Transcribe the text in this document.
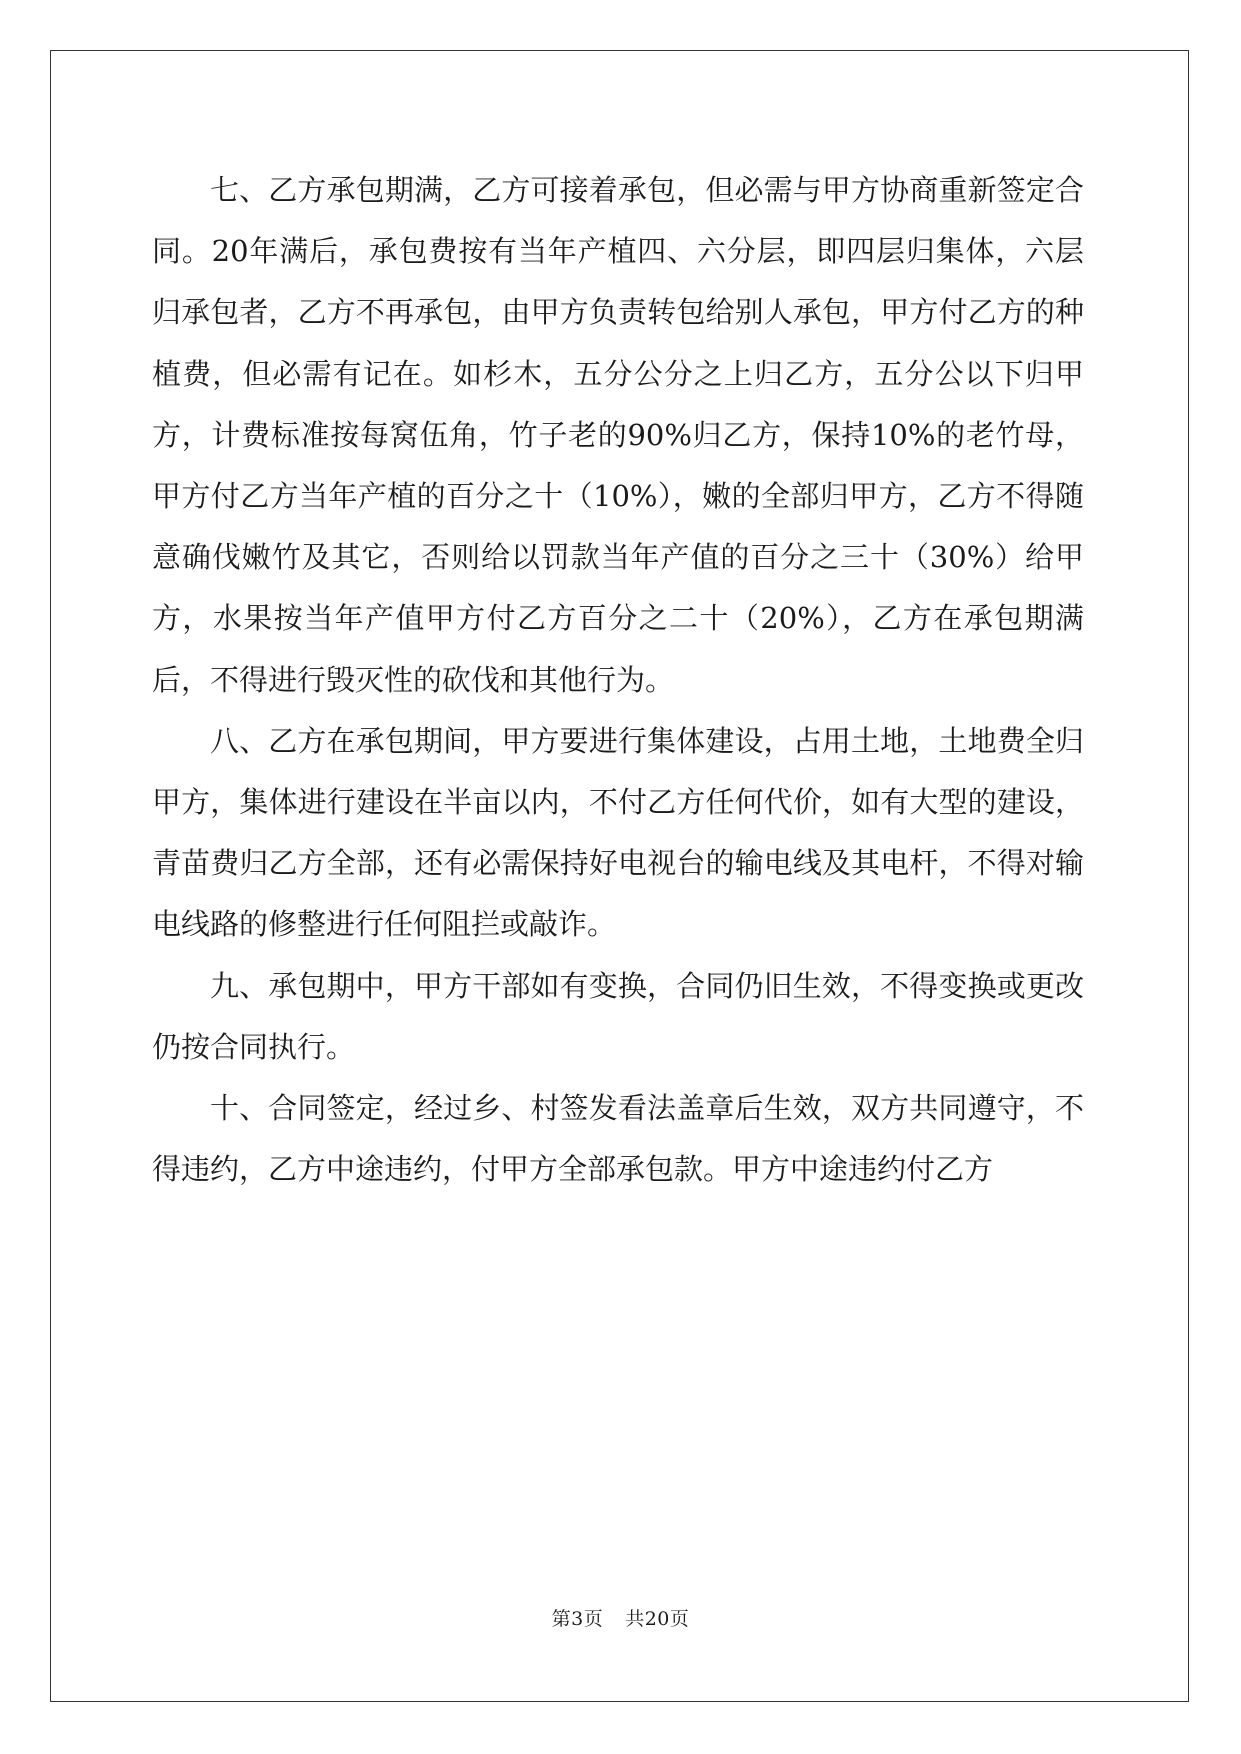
七、乙方承包期满，乙方可接着承包，但必需与甲方协商重新签定合同。20年满后，承包费按有当年产植四、六分层，即四层归集体，六层归承包者，乙方不再承包，由甲方负责转包给别人承包，甲方付乙方的种植费，但必需有记在。如杉木，五分公分之上归乙方，五分公以下归甲方，计费标准按每窝伍角，竹子老的90%归乙方，保持10%的老竹母，甲方付乙方当年产植的百分之十（10%），嫩的全部归甲方，乙方不得随意确伐嫩竹及其它，否则给以罚款当年产值的百分之三十（30%）给甲方，水果按当年产值甲方付乙方百分之二十（20%），乙方在承包期满后，不得进行毁灭性的砍伐和其他行为。

八、乙方在承包期间，甲方要进行集体建设，占用土地，土地费全归甲方，集体进行建设在半亩以内，不付乙方任何代价，如有大型的建设，青苗费归乙方全部，还有必需保持好电视台的输电线及其电杆，不得对输电线路的修整进行任何阻拦或敲诈。

九、承包期中，甲方干部如有变换，合同仍旧生效，不得变换或更改仍按合同执行。

十、合同签定，经过乡、村签发看法盖章后生效，双方共同遵守，不得违约，乙方中途违约，付甲方全部承包款。甲方中途违约付乙方

第3页 共20页
